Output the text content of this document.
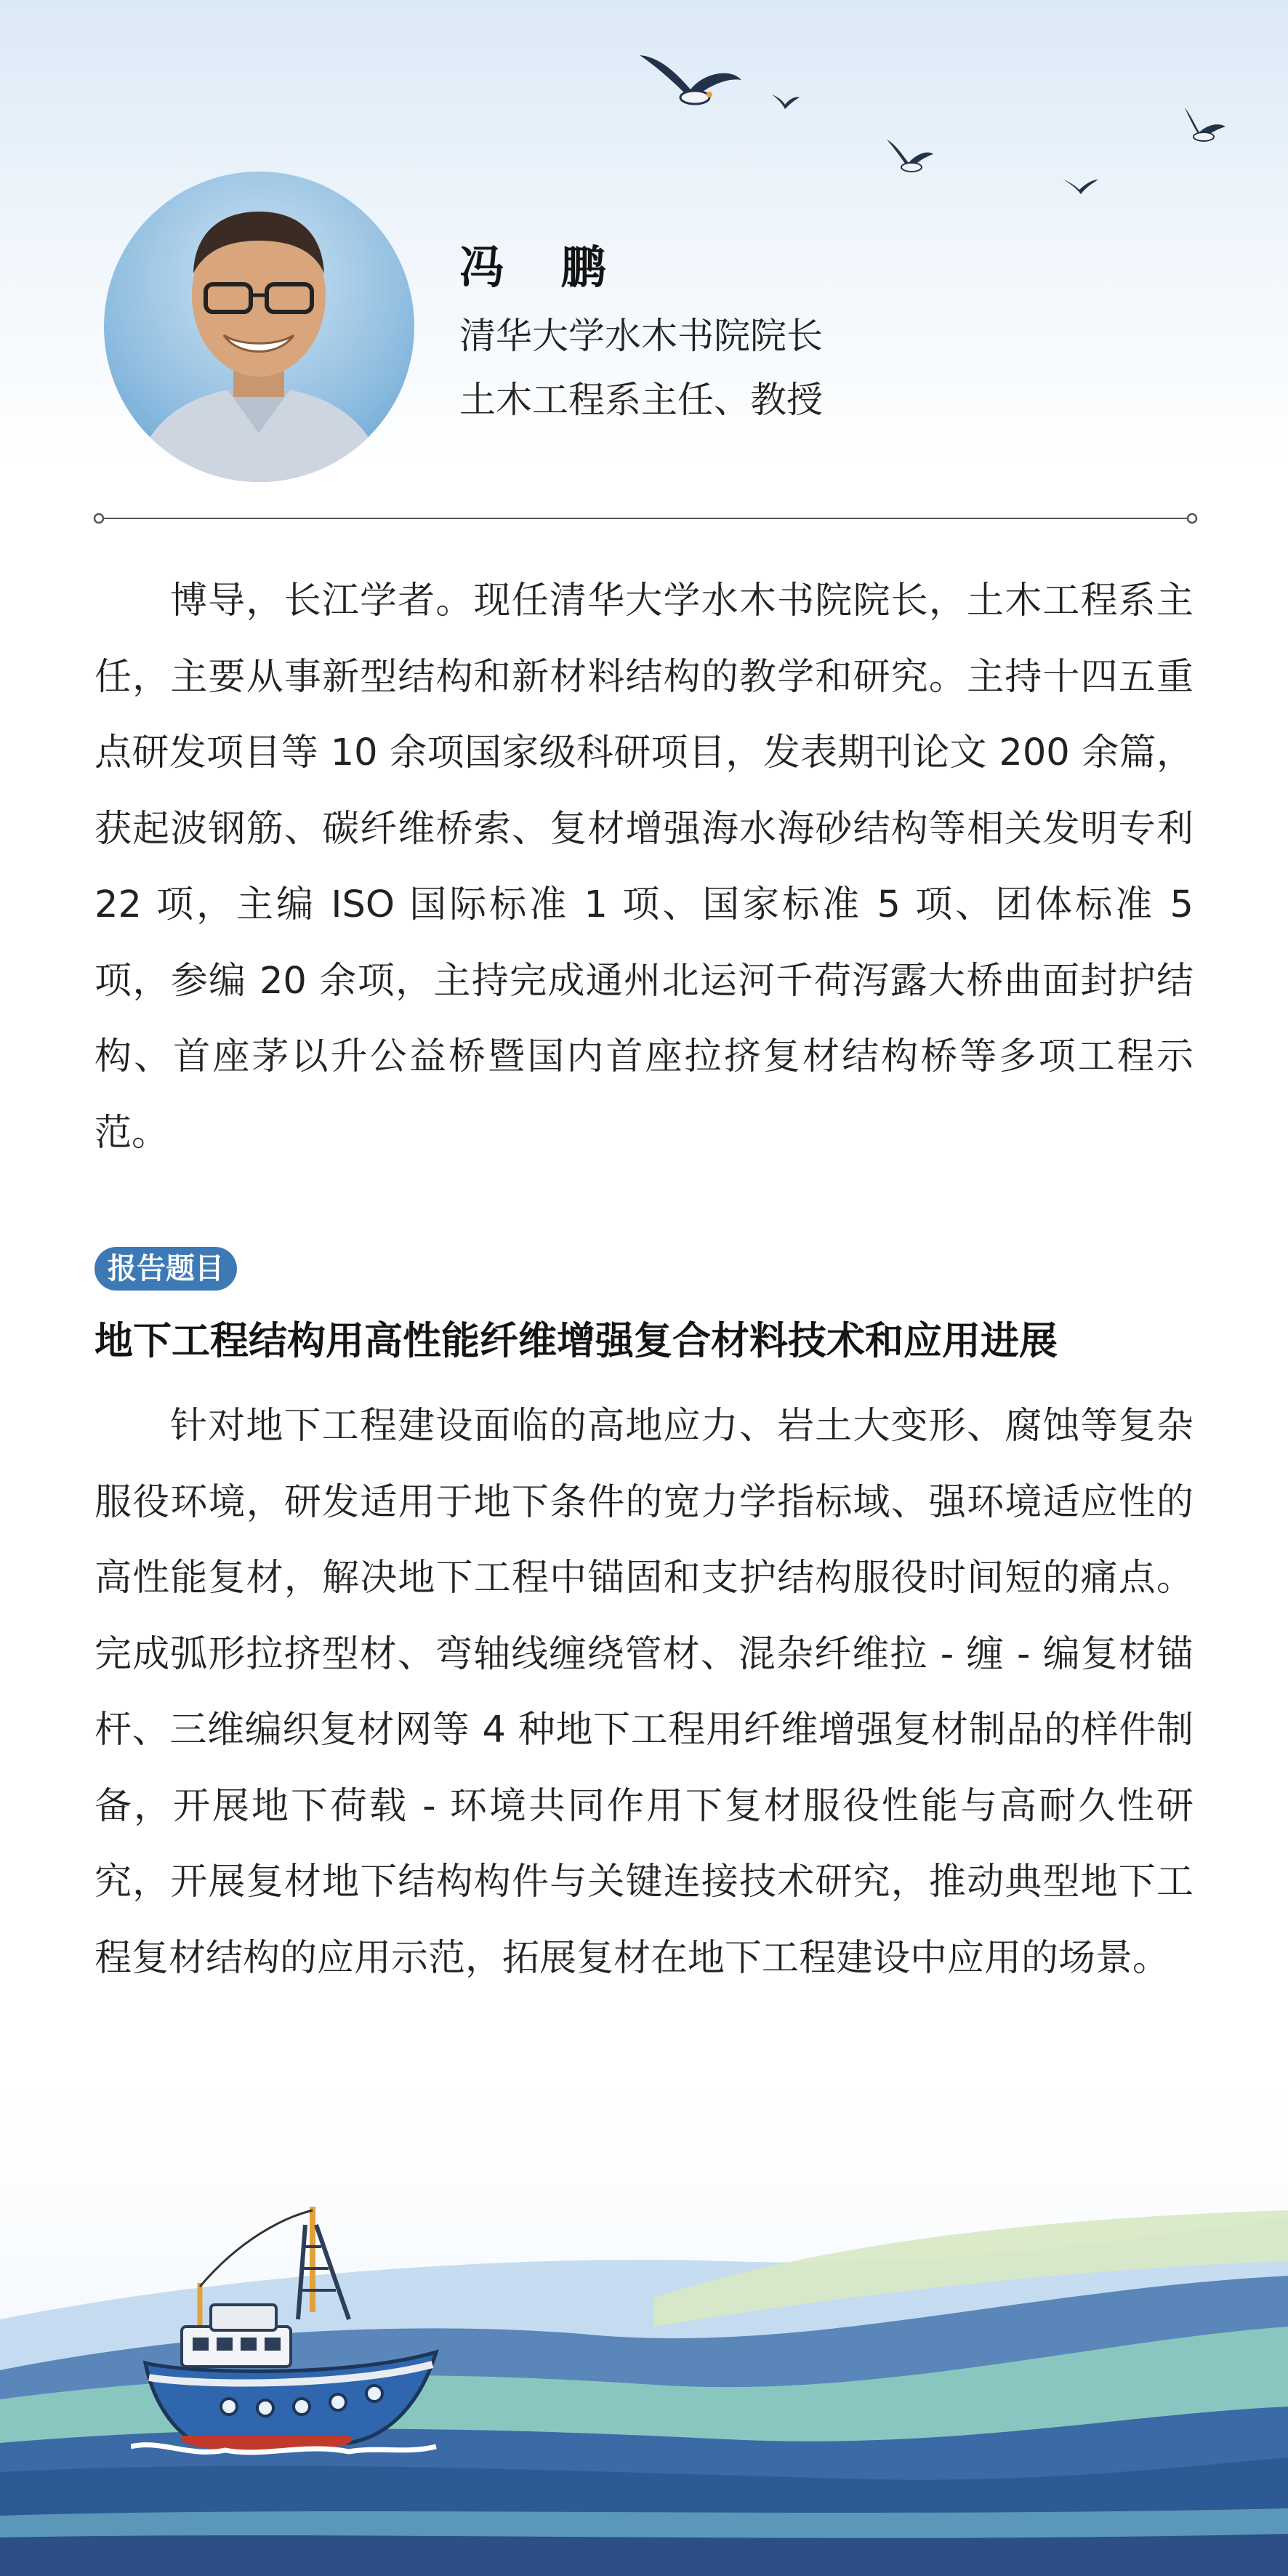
冯 鹏
清华大学水木书院院长
土木工程系主任、教授

博导，长江学者。现任清华大学水木书院院长，土木工程系主任，主要从事新型结构和新材料结构的教学和研究。主持十四五重点研发项目等 10 余项国家级科研项目，发表期刊论文 200 余篇，获起波钢筋、碳纤维桥索、复材增强海水海砂结构等相关发明专利 22 项，主编 ISO 国际标准 1 项、国家标准 5 项、团体标准 5 项，参编 20 余项，主持完成通州北运河千荷泻露大桥曲面封护结构、首座茅以升公益桥暨国内首座拉挤复材结构桥等多项工程示范。

报告题目
地下工程结构用高性能纤维增强复合材料技术和应用进展

针对地下工程建设面临的高地应力、岩土大变形、腐蚀等复杂服役环境，研发适用于地下条件的宽力学指标域、强环境适应性的高性能复材，解决地下工程中锚固和支护结构服役时间短的痛点。完成弧形拉挤型材、弯轴线缠绕管材、混杂纤维拉 - 缠 - 编复材锚杆、三维编织复材网等 4 种地下工程用纤维增强复材制品的样件制备，开展地下荷载 - 环境共同作用下复材服役性能与高耐久性研究，开展复材地下结构构件与关键连接技术研究，推动典型地下工程复材结构的应用示范，拓展复材在地下工程建设中应用的场景。
